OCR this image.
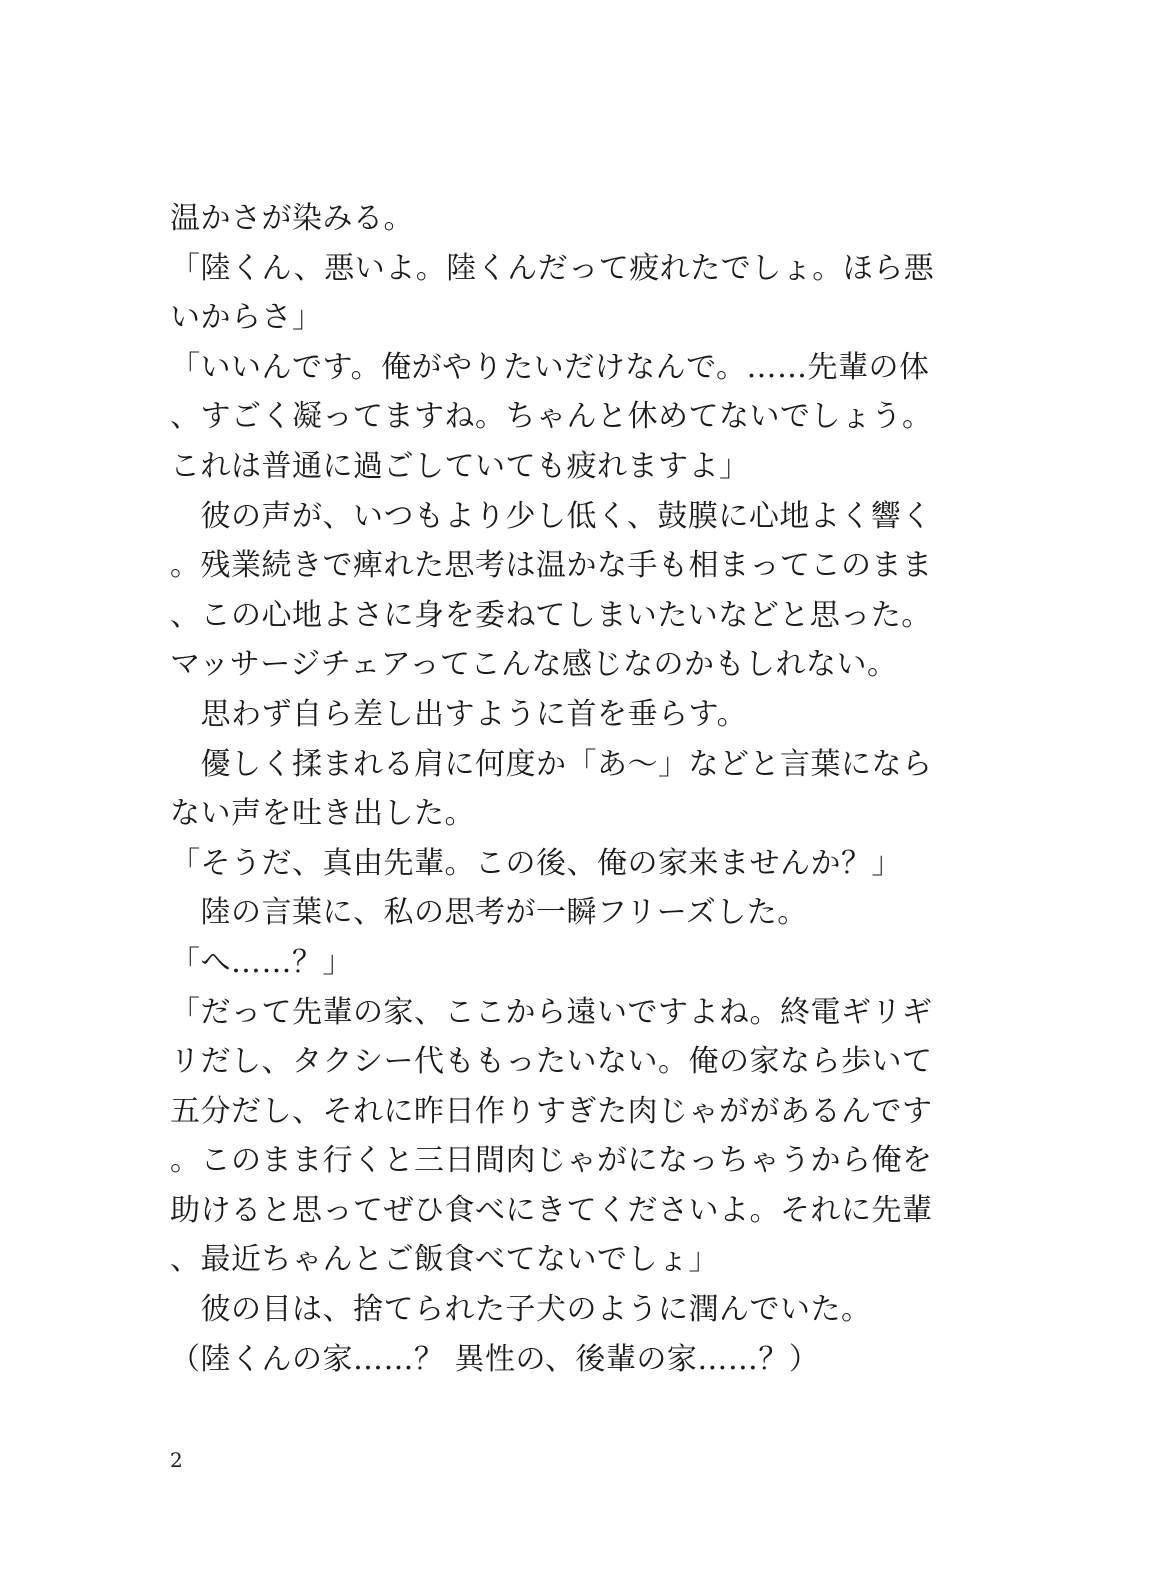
温かさが染みる。
「陸くん、悪いよ。陸くんだって疲れたでしょ。ほら悪
いからさ」
「いいんです。俺がやりたいだけなんで。……先輩の体
、すごく凝ってますね。ちゃんと休めてないでしょう。
これは普通に過ごしていても疲れますよ」
　彼の声が、いつもより少し低く、鼓膜に心地よく響く
。残業続きで痺れた思考は温かな手も相まってこのまま
、この心地よさに身を委ねてしまいたいなどと思った。
マッサージチェアってこんな感じなのかもしれない。
　思わず自ら差し出すように首を垂らす。
　優しく揉まれる肩に何度か「あ〜」などと言葉になら
ない声を吐き出した。
「そうだ、真由先輩。この後、俺の家来ませんか？」
　陸の言葉に、私の思考が一瞬フリーズした。
「へ……？」
「だって先輩の家、ここから遠いですよね。終電ギリギ
リだし、タクシー代ももったいない。俺の家なら歩いて
五分だし、それに昨日作りすぎた肉じゃががあるんです
。このまま行くと三日間肉じゃがになっちゃうから俺を
助けると思ってぜひ食べにきてくださいよ。それに先輩
、最近ちゃんとご飯食べてないでしょ」
　彼の目は、捨てられた子犬のように潤んでいた。
（陸くんの家……？ 異性の、後輩の家……？）
2
